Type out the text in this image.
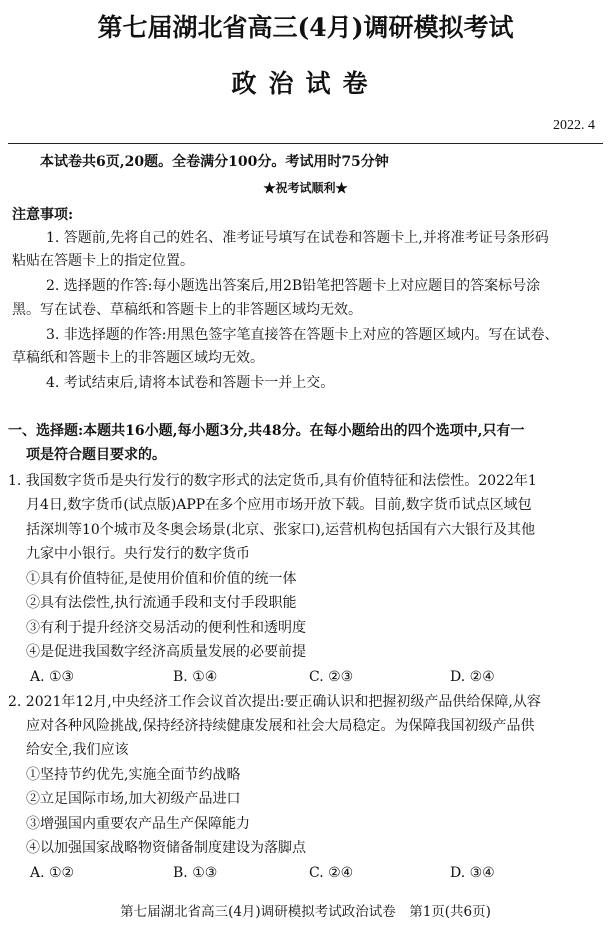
第七届湖北省高三(4月)调研模拟考试
政治试卷
2022. 4
本试卷共6页,20题。全卷满分100分。考试用时75分钟
★祝考试顺利★
注意事项:
1. 答题前,先将自己的姓名、准考证号填写在试卷和答题卡上,并将准考证号条形码
粘贴在答题卡上的指定位置。
2. 选择题的作答:每小题选出答案后,用2B铅笔把答题卡上对应题目的答案标号涂
黑。写在试卷、草稿纸和答题卡上的非答题区域均无效。
3. 非选择题的作答:用黑色签字笔直接答在答题卡上对应的答题区域内。写在试卷、
草稿纸和答题卡上的非答题区域均无效。
4. 考试结束后,请将本试卷和答题卡一并上交。
一、选择题:本题共16小题,每小题3分,共48分。在每小题给出的四个选项中,只有一
项是符合题目要求的。
1. 我国数字货币是央行发行的数字形式的法定货币,具有价值特征和法偿性。2022年1
月4日,数字货币(试点版)APP在多个应用市场开放下载。目前,数字货币试点区域包
括深圳等10个城市及冬奥会场景(北京、张家口),运营机构包括国有六大银行及其他
九家中小银行。央行发行的数字货币
①具有价值特征,是使用价值和价值的统一体
②具有法偿性,执行流通手段和支付手段职能
③有利于提升经济交易活动的便利性和透明度
④是促进我国数字经济高质量发展的必要前提
A. ①③	B. ①④	C. ②③	D. ②④
2. 2021年12月,中央经济工作会议首次提出:要正确认识和把握初级产品供给保障,从容
应对各种风险挑战,保持经济持续健康发展和社会大局稳定。为保障我国初级产品供
给安全,我们应该
①坚持节约优先,实施全面节约战略
②立足国际市场,加大初级产品进口
③增强国内重要农产品生产保障能力
④以加强国家战略物资储备制度建设为落脚点
A. ①②	B. ①③	C. ②④	D. ③④
第七届湖北省高三(4月)调研模拟考试政治试卷　第1页(共6页)
